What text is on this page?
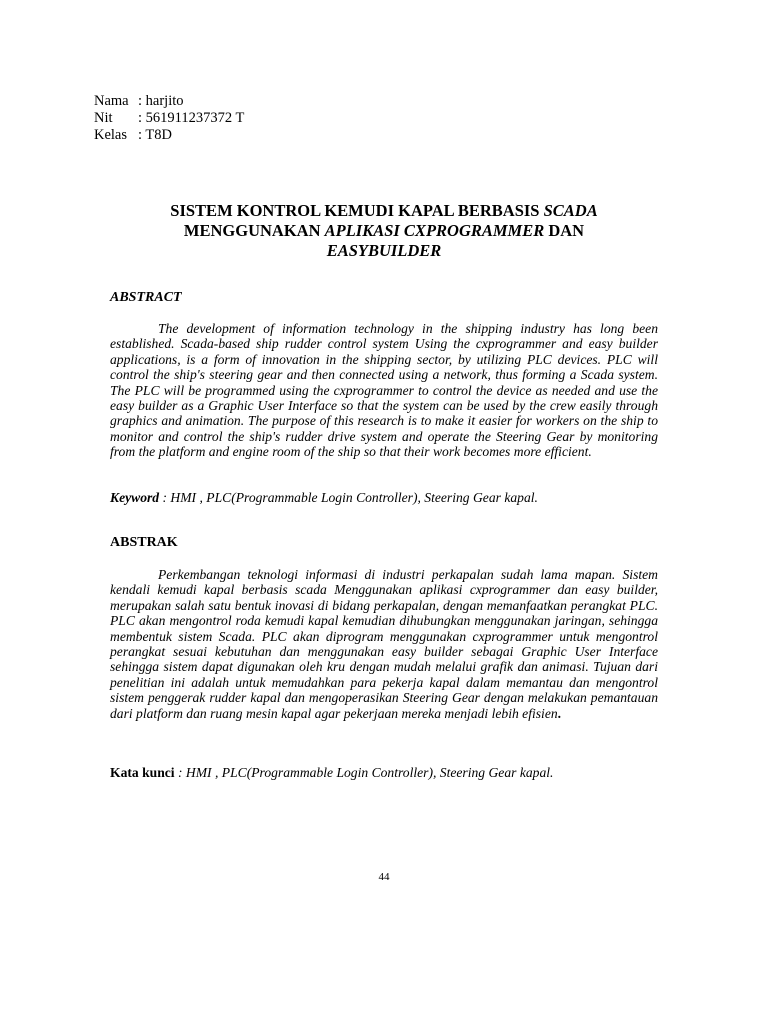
Nama : harjito
Nit	: 561911237372 T
Kelas : T8D
SISTEM KONTROL KEMUDI KAPAL BERBASIS SCADA
MENGGUNAKAN APLIKASI CXPROGRAMMER DAN
EASYBUILDER
ABSTRACT
The development of information technology in the shipping industry has long been established. Scada-based ship rudder control system Using the cxprogrammer and easy builder applications, is a form of innovation in the shipping sector, by utilizing PLC devices. PLC will control the ship's steering gear and then connected using a network, thus forming a Scada system. The PLC will be programmed using the cxprogrammer to control the device as needed and use the easy builder as a Graphic User Interface so that the system can be used by the crew easily through graphics and animation. The purpose of this research is to make it easier for workers on the ship to monitor and control the ship's rudder drive system and operate the Steering Gear by monitoring from the platform and engine room of the ship so that their work becomes more efficient.
Keyword : HMI , PLC(Programmable Login Controller), Steering Gear kapal.
ABSTRAK
Perkembangan teknologi informasi di industri perkapalan sudah lama mapan. Sistem kendali kemudi kapal berbasis scada Menggunakan aplikasi cxprogrammer dan easy builder, merupakan salah satu bentuk inovasi di bidang perkapalan, dengan memanfaatkan perangkat PLC. PLC akan mengontrol roda kemudi kapal kemudian dihubungkan menggunakan jaringan, sehingga membentuk sistem Scada. PLC akan diprogram menggunakan cxprogrammer untuk mengontrol perangkat sesuai kebutuhan dan menggunakan easy builder sebagai Graphic User Interface sehingga sistem dapat digunakan oleh kru dengan mudah melalui grafik dan animasi. Tujuan dari penelitian ini adalah untuk memudahkan para pekerja kapal dalam memantau dan mengontrol sistem penggerak rudder kapal dan mengoperasikan Steering Gear dengan melakukan pemantauan dari platform dan ruang mesin kapal agar pekerjaan mereka menjadi lebih efisien.
Kata kunci : HMI , PLC(Programmable Login Controller), Steering Gear kapal.
44
